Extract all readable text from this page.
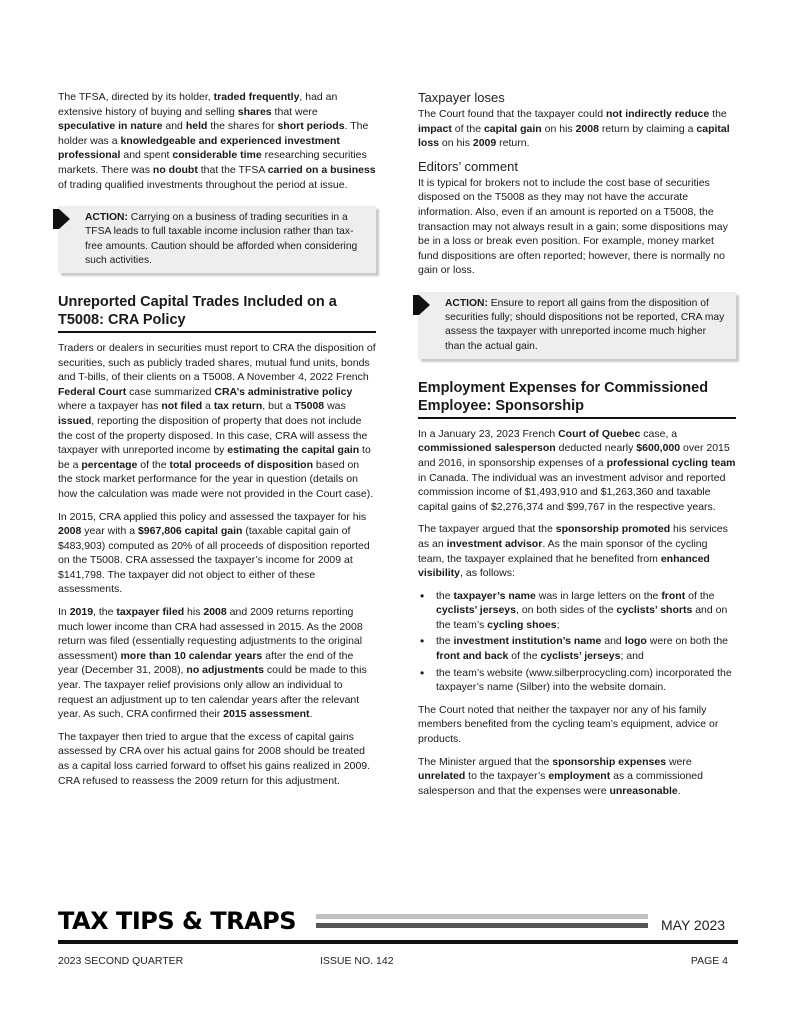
The TFSA, directed by its holder, traded frequently, had an extensive history of buying and selling shares that were speculative in nature and held the shares for short periods. The holder was a knowledgeable and experienced investment professional and spent considerable time researching securities markets. There was no doubt that the TFSA carried on a business of trading qualified investments throughout the period at issue.

ACTION: Carrying on a business of trading securities in a TFSA leads to full taxable income inclusion rather than tax-free amounts. Caution should be afforded when considering such activities.

Unreported Capital Trades Included on a T5008: CRA Policy

Traders or dealers in securities must report to CRA the disposition of securities, such as publicly traded shares, mutual fund units, bonds and T-bills, of their clients on a T5008. A November 4, 2022 French Federal Court case summarized CRA’s administrative policy where a taxpayer has not filed a tax return, but a T5008 was issued, reporting the disposition of property that does not include the cost of the property disposed. In this case, CRA will assess the taxpayer with unreported income by estimating the capital gain to be a percentage of the total proceeds of disposition based on the stock market performance for the year in question (details on how the calculation was made were not provided in the Court case).

In 2015, CRA applied this policy and assessed the taxpayer for his 2008 year with a $967,806 capital gain (taxable capital gain of $483,903) computed as 20% of all proceeds of disposition reported on the T5008. CRA assessed the taxpayer’s income for 2009 at $141,798. The taxpayer did not object to either of these assessments.

In 2019, the taxpayer filed his 2008 and 2009 returns reporting much lower income than CRA had assessed in 2015. As the 2008 return was filed (essentially requesting adjustments to the original assessment) more than 10 calendar years after the end of the year (December 31, 2008), no adjustments could be made to this year. The taxpayer relief provisions only allow an individual to request an adjustment up to ten calendar years after the relevant year. As such, CRA confirmed their 2015 assessment.

The taxpayer then tried to argue that the excess of capital gains assessed by CRA over his actual gains for 2008 should be treated as a capital loss carried forward to offset his gains realized in 2009. CRA refused to reassess the 2009 return for this adjustment.

Taxpayer loses

The Court found that the taxpayer could not indirectly reduce the impact of the capital gain on his 2008 return by claiming a capital loss on his 2009 return.

Editors’ comment

It is typical for brokers not to include the cost base of securities disposed on the T5008 as they may not have the accurate information. Also, even if an amount is reported on a T5008, the transaction may not always result in a gain; some dispositions may be in a loss or break even position. For example, money market fund dispositions are often reported; however, there is normally no gain or loss.

ACTION: Ensure to report all gains from the disposition of securities fully; should dispositions not be reported, CRA may assess the taxpayer with unreported income much higher than the actual gain.

Employment Expenses for Commissioned Employee: Sponsorship

In a January 23, 2023 French Court of Quebec case, a commissioned salesperson deducted nearly $600,000 over 2015 and 2016, in sponsorship expenses of a professional cycling team in Canada. The individual was an investment advisor and reported commission income of $1,493,910 and $1,263,360 and taxable capital gains of $2,276,374 and $99,767 in the respective years.

The taxpayer argued that the sponsorship promoted his services as an investment advisor. As the main sponsor of the cycling team, the taxpayer explained that he benefited from enhanced visibility, as follows:

• the taxpayer’s name was in large letters on the front of the cyclists’ jerseys, on both sides of the cyclists’ shorts and on the team’s cycling shoes;
• the investment institution’s name and logo were on both the front and back of the cyclists’ jerseys; and
• the team’s website (www.silberprocycling.com) incorporated the taxpayer’s name (Silber) into the website domain.

The Court noted that neither the taxpayer nor any of his family members benefited from the cycling team’s equipment, advice or products.

The Minister argued that the sponsorship expenses were unrelated to the taxpayer’s employment as a commissioned salesperson and that the expenses were unreasonable.

TAX TIPS & TRAPS	MAY 2023
2023 SECOND QUARTER	ISSUE NO. 142	PAGE 4
